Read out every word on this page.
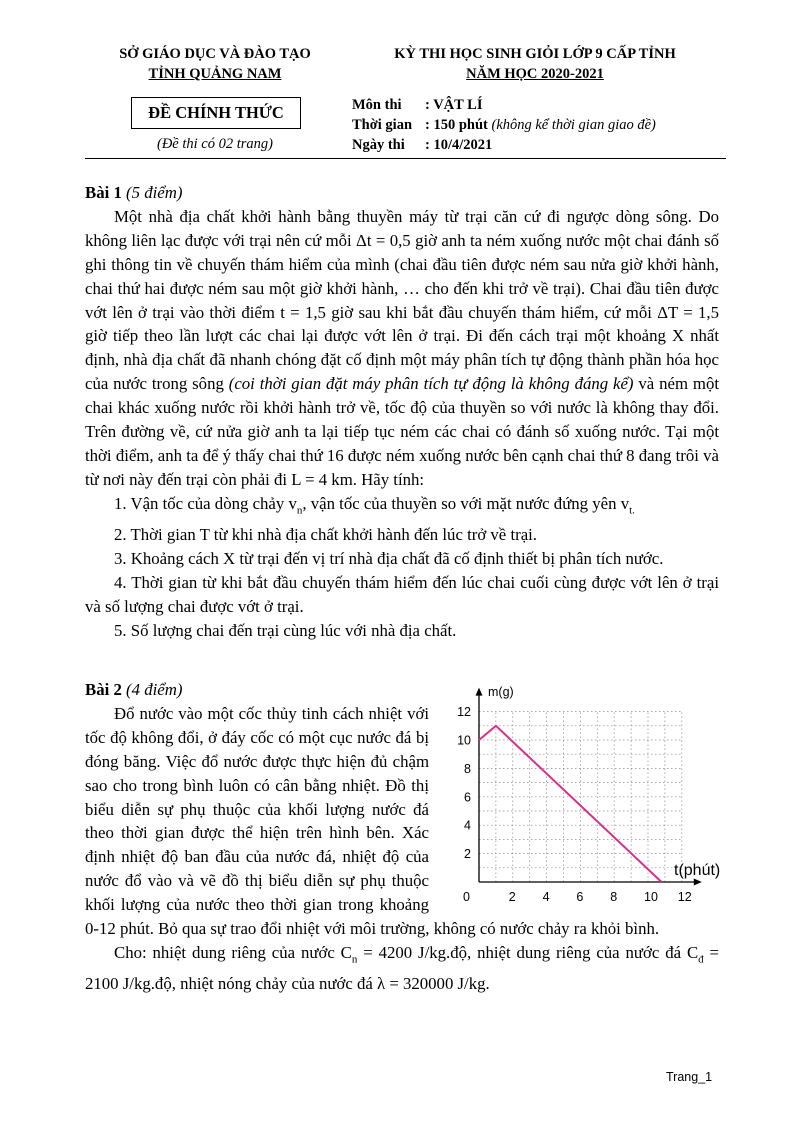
SỞ GIÁO DỤC VÀ ĐÀO TẠO
TỈNH QUẢNG NAM
ĐỀ CHÍNH THỨC
(Đề thi có 02 trang)
KỲ THI HỌC SINH GIỎI LỚP 9 CẤP TỈNH
NĂM HỌC 2020-2021
Môn thi : VẬT LÍ
Thời gian : 150 phút (không kể thời gian giao đề)
Ngày thi : 10/4/2021
Bài 1 (5 điểm)
Một nhà địa chất khởi hành bằng thuyền máy từ trại căn cứ đi ngược dòng sông. Do không liên lạc được với trại nên cứ mỗi Δt = 0,5 giờ anh ta ném xuống nước một chai đánh số ghi thông tin về chuyến thám hiểm của mình (chai đầu tiên được ném sau nửa giờ khởi hành, chai thứ hai được ném sau một giờ khởi hành, … cho đến khi trở về trại). Chai đầu tiên được vớt lên ở trại vào thời điểm t = 1,5 giờ sau khi bắt đầu chuyến thám hiểm, cứ mỗi ΔT = 1,5 giờ tiếp theo lần lượt các chai lại được vớt lên ở trại. Đi đến cách trại một khoảng X nhất định, nhà địa chất đã nhanh chóng đặt cố định một máy phân tích tự động thành phần hóa học của nước trong sông (coi thời gian đặt máy phân tích tự động là không đáng kể) và ném một chai khác xuống nước rồi khởi hành trở về, tốc độ của thuyền so với nước là không thay đổi. Trên đường về, cứ nửa giờ anh ta lại tiếp tục ném các chai có đánh số xuống nước. Tại một thời điểm, anh ta để ý thấy chai thứ 16 được ném xuống nước bên cạnh chai thứ 8 đang trôi và từ nơi này đến trại còn phải đi L = 4 km. Hãy tính:
1. Vận tốc của dòng chảy $v_n$, vận tốc của thuyền so với mặt nước đứng yên $v_{t.}$
2. Thời gian T từ khi nhà địa chất khởi hành đến lúc trở về trại.
3. Khoảng cách X từ trại đến vị trí nhà địa chất đã cố định thiết bị phân tích nước.
4. Thời gian từ khi bắt đầu chuyến thám hiểm đến lúc chai cuối cùng được vớt lên ở trại và số lượng chai được vớt ở trại.
5. Số lượng chai đến trại cùng lúc với nhà địa chất.
Bài 2 (4 điểm)
Đổ nước vào một cốc thủy tinh cách nhiệt với tốc độ không đổi, ở đáy cốc có một cục nước đá bị đóng băng. Việc đổ nước được thực hiện đủ chậm sao cho trong bình luôn có cân bằng nhiệt. Đồ thị biểu diễn sự phụ thuộc của khối lượng nước đá theo thời gian được thể hiện trên hình bên. Xác định nhiệt độ ban đầu của nước đá, nhiệt độ của nước đổ vào và vẽ đồ thị biểu diễn sự phụ thuộc khối lượng của nước theo thời gian trong khoảng 0-12 phút. Bỏ qua sự trao đổi nhiệt với môi trường, không có nước chảy ra khỏi bình.
Cho: nhiệt dung riêng của nước $C_n = 4200$ J/kg.độ, nhiệt dung riêng của nước đá $C_đ = 2100$ J/kg.độ, nhiệt nóng chảy của nước đá λ = 320000 J/kg.
0	2 4 6 8 10 12
2
4
6
8
10
12
m(g)
t(phút)
Trang_1
